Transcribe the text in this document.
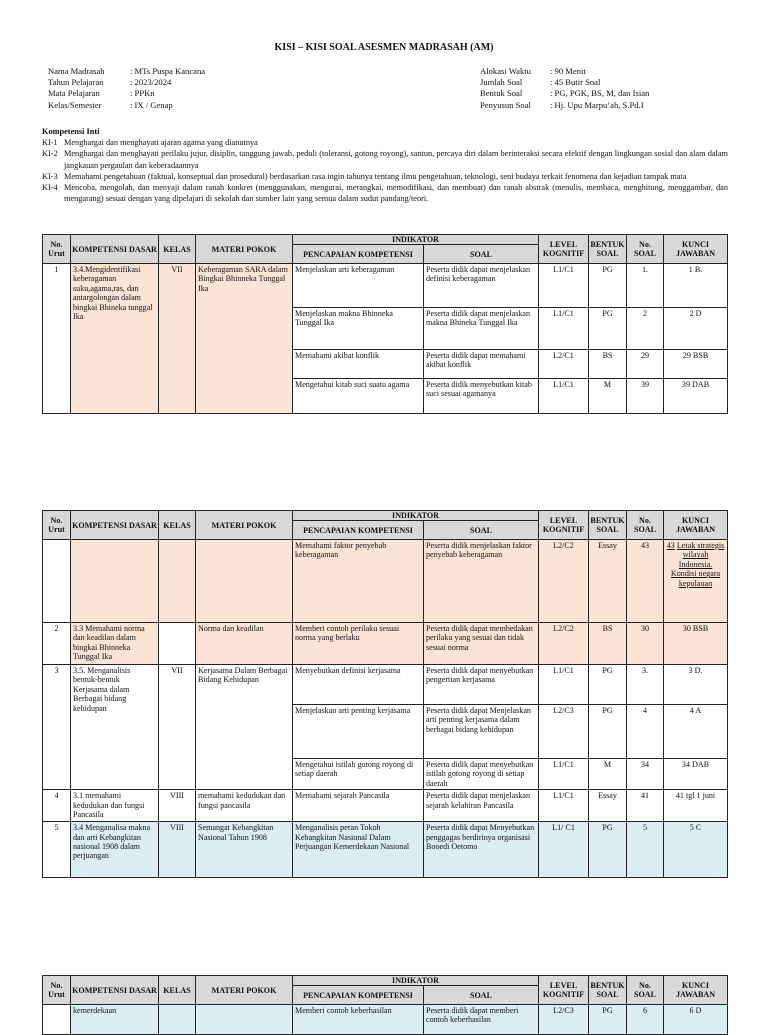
KISI – KISI SOAL ASESMEN MADRASAH (AM)
Nama Madrasah	: MTs Puspa Kancana
Tahun Pelajaran	: 2023/2024
Mata Pelajaran	: PPKn
Kelas/Semester	: IX / Genap
Alokasi Waktu	: 90 Menit
Jumlah Soal	: 45 Butir Soal
Bentuk Soal	: PG, PGK, BS, M, dan Isian
Penyusun Soal	: Hj. Upu Marpu’ah, S.Pd.I
Kompetensi Inti
KI-1 Menghargai dan menghayati ajaran agama yang dianutnya
KI-2 Menghargai dan menghayati perilaku jujur, disiplin, tanggung jawab, peduli (toleransi, gotong royong), santun, percaya diri dalam berinteraksi secara efektif dengan lingkungan sosial dan alam dalam jangkauan pergaulan dan keberadaannya
KI-3 Memahami pengetahuan (faktual, konseptual dan prosedural) berdasarkan rasa ingin tahunya tentang ilmu pengetahuan, teknologi, seni budaya terkait fenomena dan kejadian tampak mata
KI-4 Mencoba, mengolah, dan menyaji dalam ranah konkret (menggunakan, mengurai, merangkai, memodifikasi, dan membuat) dan ranah abstrak (menulis, membaca, menghitung, menggambar, dan mengarang) sesuai dengan yang dipelajari di sekolah dan sumber lain yang semua dalam sudut pandang/teori.
No. Urut	KOMPETENSI DASAR	KELAS	MATERI POKOK	INDIKATOR		LEVEL KOGNITIF	BENTUK SOAL	No. SOAL	KUNCI JAWABAN
				PENCAPAIAN KOMPETENSI	SOAL				
1	3.4.Mengidentifikasi keberagaman suku,agama,ras, dan antargolongan dalam bingkai Bhineka tunggal Ika	VII	Keberagaman SARA dalam Bingkai Bhinneka Tunggal Ika	Menjelaskan arti keberagaman	Peserta didik dapat menjelaskan definisi keberagaman	L1/C1	PG	1.	1 B.
				Menjelaskan makna Bhinneka Tunggal Ika	Peserta didik dapat menjelaskan makna Bhineka Tunggal Ika	L1/C1	PG	2	2 D
				Memahami akibat konflik	Peserta didik dapat memahami akibat konflik	L2/C1	BS	29	29 BSB
				Mengetahui kitab suci suatu agama	Peserta didik menyebutkan kitab suci sesuai agamanya	L1/C1	M	39	39 DAB
No. Urut	KOMPETENSI DASAR	KELAS	MATERI POKOK	INDIKATOR		LEVEL KOGNITIF	BENTUK SOAL	No. SOAL	KUNCI JAWABAN
				PENCAPAIAN KOMPETENSI	SOAL				
				Memahami faktor penyebab keberagaman	Peserta didik menjelaskan faktor penyebab keberagaman	L2/C2	Essay	43	43 Letak strategis wilayah Indonesia. Kondisi negara kepulauan
2	3.3 Memahami norma dan keadilan dalam bingkai Bhinneka Tunggal Ika		Norma dan keadilan	Memberi contoh perilaku sesuai norma yang berlaku	Peserta didik dapat membedakan perilaku yang sesuai dan tidak sesuai norma	L2/C2	BS	30	30 BSB
3	3.5. Menganalisis bentuk-bentuk Kerjasama dalam Berbagai bidang kehidupan	VII	Kerjasama Dalam Berbagai Bidang Kehidupan	Menyebutkan definisi kerjasama	Peserta didik dapat menyebutkan pengertian kerjasama	L1/C1	PG	3.	3 D.
				Menjelaskan arti penting kerjasama	Peserta didik dapat Menjelaskan arti penting kerjasama dalam berbagai bidang kehidupan	L2/C3	PG	4	4 A
				Mengetahui istilah gotong royong di setiap daerah	Peserta didik dapat menyebutkan istilah gotong royong di setiap daerah	L1/C1	M	34	34 DAB
4	3.1 memahami kedudukan dan fungsi Pancasila	VIII	memahami kedudukan dan fungsi pancasila	Memahami sejarah Pancasila	Peserta didik dapat menjelaskan sejarah kelahiran Pancasila	L1/C1	Essay	41	41 tgl 1 juni
5	3.4 Menganalisa makna dan arti Kebangkitan nasional 1908 dalam perjuangan	VIII	Semangat Kebangkitan Nasional Tahun 1908	Menganalisis peran Tokoh Kebangkitan Nasional Dalam Perjuangan Kemerdekaan Nasional	Peserta didik dapat Menyebutkan penggagas berdirinya organisasi Booedi Oetomo	L1/ C1	PG	5	5 C
No. Urut	KOMPETENSI DASAR	KELAS	MATERI POKOK	INDIKATOR		LEVEL KOGNITIF	BENTUK SOAL	No. SOAL	KUNCI JAWABAN
				PENCAPAIAN KOMPETENSI	SOAL				
	kemerdekaan			Memberi contoh keberhasilan	Peserta didik dapat memberi contoh keberhasilan	L2/C3	PG	6	6 D
